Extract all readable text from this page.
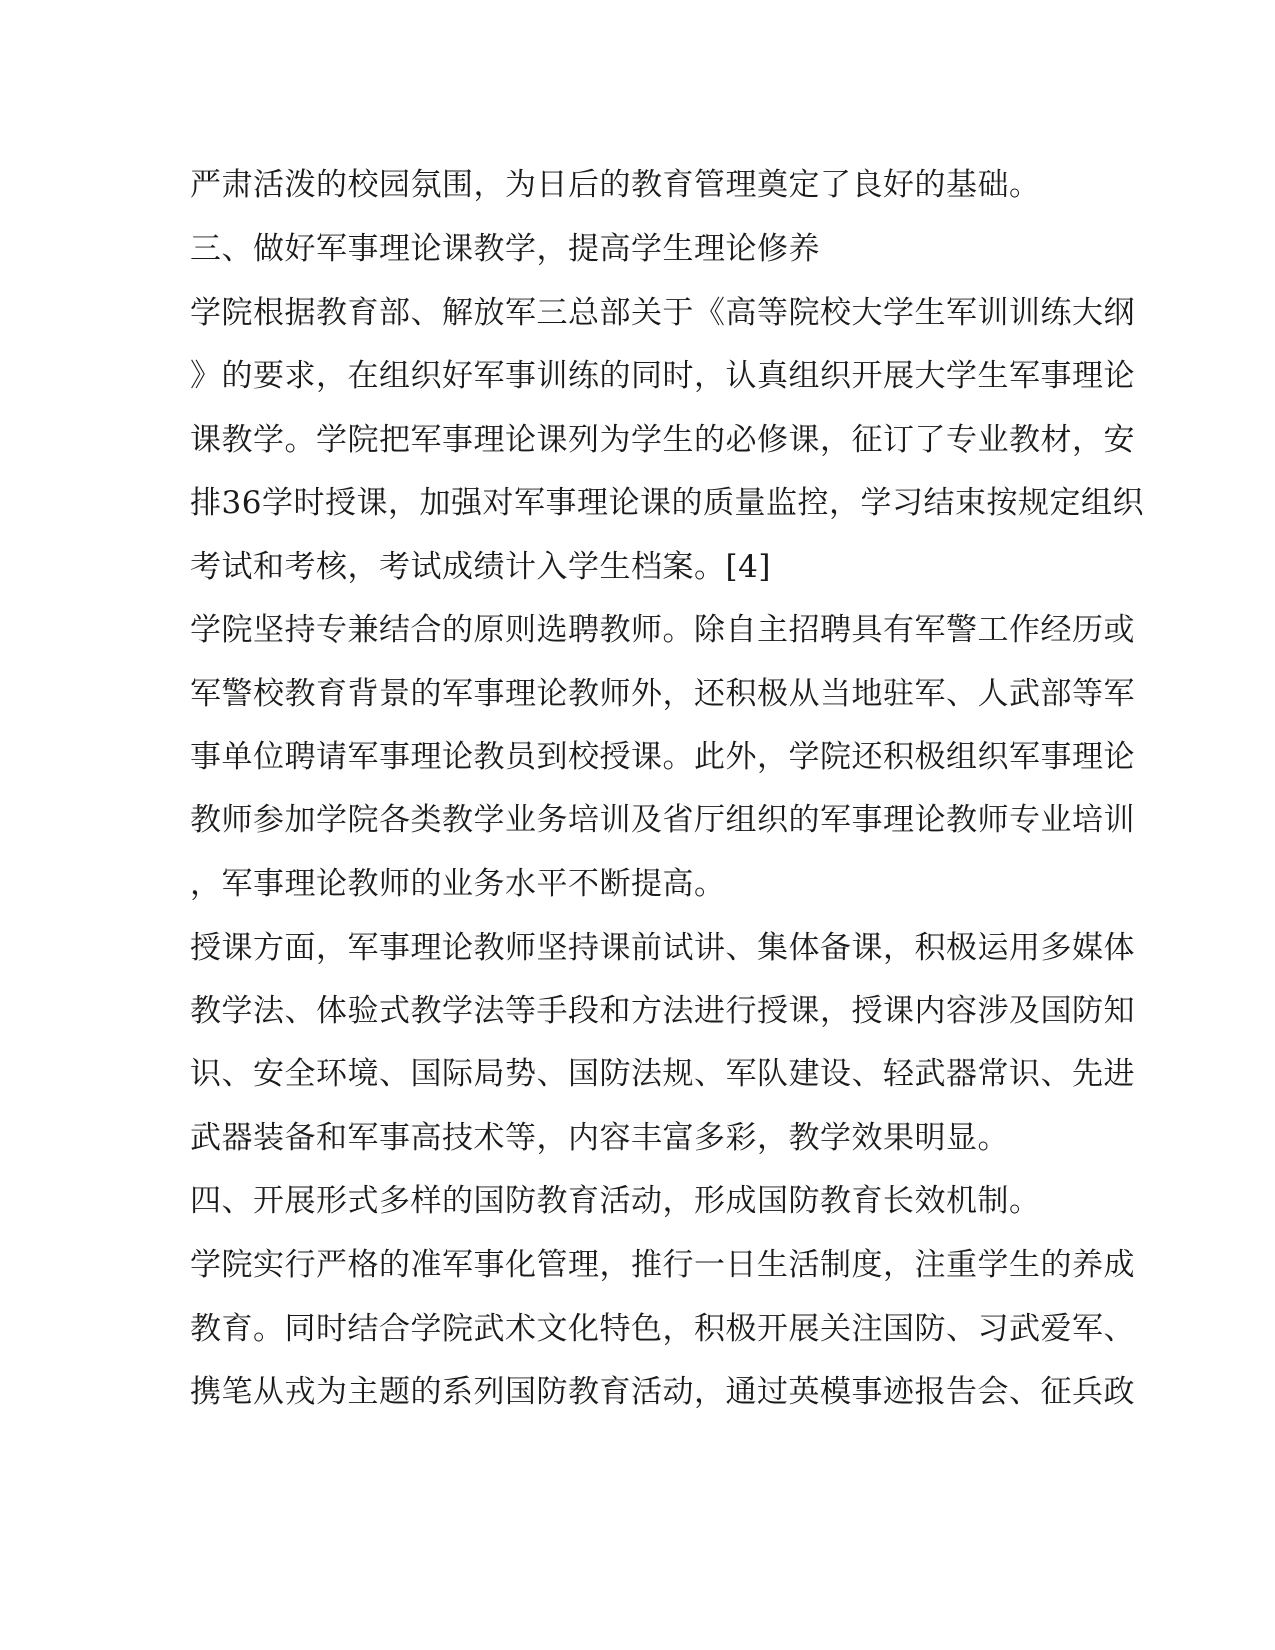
严肃活泼的校园氛围，为日后的教育管理奠定了良好的基础。
三、做好军事理论课教学，提高学生理论修养
学院根据教育部、解放军三总部关于《高等院校大学生军训训练大纲
》的要求，在组织好军事训练的同时，认真组织开展大学生军事理论
课教学。学院把军事理论课列为学生的必修课，征订了专业教材，安
排36学时授课，加强对军事理论课的质量监控，学习结束按规定组织
考试和考核，考试成绩计入学生档案。[4]
学院坚持专兼结合的原则选聘教师。除自主招聘具有军警工作经历或
军警校教育背景的军事理论教师外，还积极从当地驻军、人武部等军
事单位聘请军事理论教员到校授课。此外，学院还积极组织军事理论
教师参加学院各类教学业务培训及省厅组织的军事理论教师专业培训
，军事理论教师的业务水平不断提高。
授课方面，军事理论教师坚持课前试讲、集体备课，积极运用多媒体
教学法、体验式教学法等手段和方法进行授课，授课内容涉及国防知
识、安全环境、国际局势、国防法规、军队建设、轻武器常识、先进
武器装备和军事高技术等，内容丰富多彩，教学效果明显。
四、开展形式多样的国防教育活动，形成国防教育长效机制。
学院实行严格的准军事化管理，推行一日生活制度，注重学生的养成
教育。同时结合学院武术文化特色，积极开展关注国防、习武爱军、
携笔从戎为主题的系列国防教育活动，通过英模事迹报告会、征兵政
